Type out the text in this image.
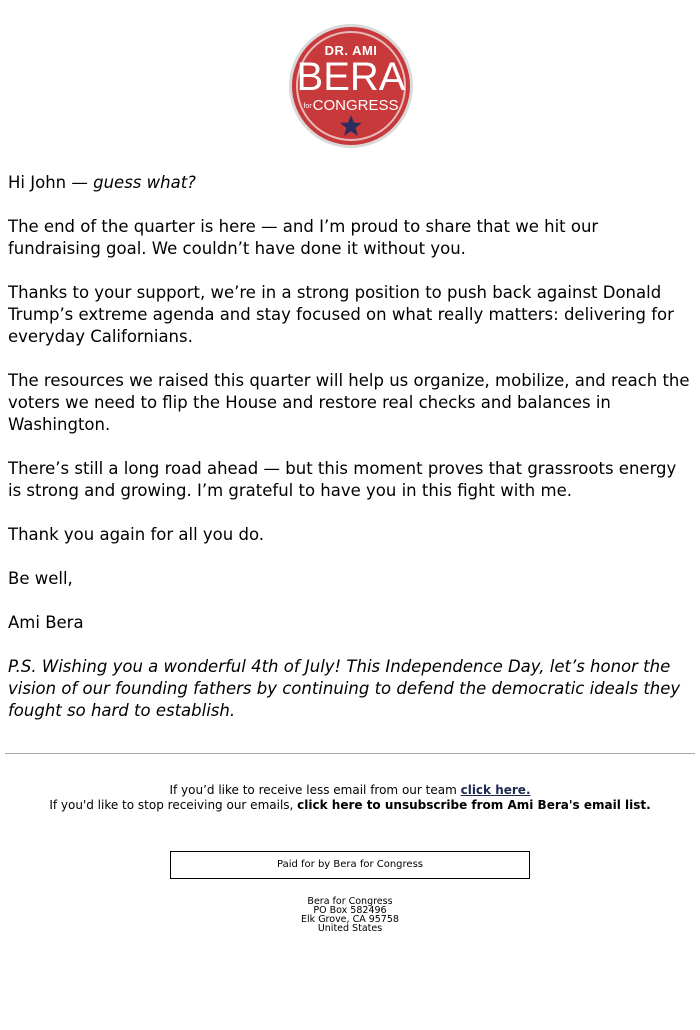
DR. AMI
BERA
forCONGRESS

Hi John — guess what?

The end of the quarter is here — and I’m proud to share that we hit our fundraising goal. We couldn’t have done it without you.

Thanks to your support, we’re in a strong position to push back against Donald Trump’s extreme agenda and stay focused on what really matters: delivering for everyday Californians.

The resources we raised this quarter will help us organize, mobilize, and reach the voters we need to flip the House and restore real checks and balances in Washington.

There’s still a long road ahead — but this moment proves that grassroots energy is strong and growing. I’m grateful to have you in this fight with me.

Thank you again for all you do.

Be well,

Ami Bera

P.S. Wishing you a wonderful 4th of July! This Independence Day, let’s honor the vision of our founding fathers by continuing to defend the democratic ideals they fought so hard to establish.

If you’d like to receive less email from our team click here.
If you'd like to stop receiving our emails, click here to unsubscribe from Ami Bera's email list.
Paid for by Bera for Congress
Bera for Congress
PO Box 582496
Elk Grove, CA 95758
United States
